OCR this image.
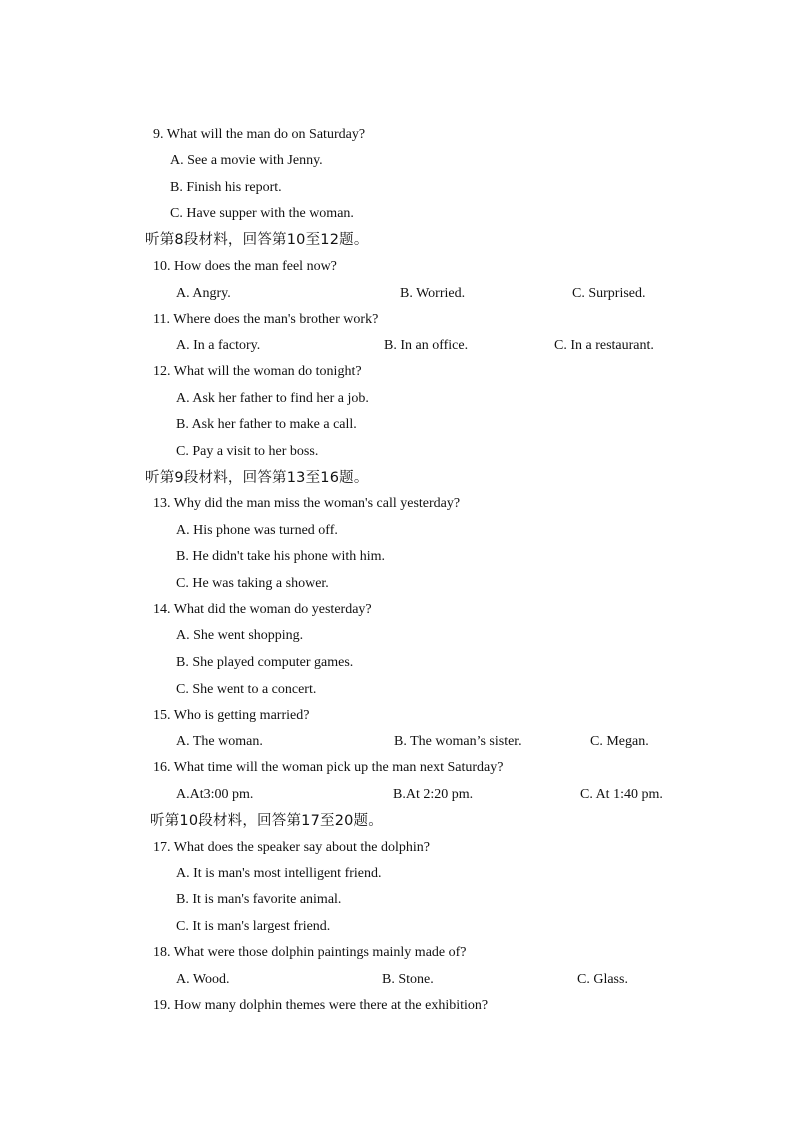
9. What will the man do on Saturday?
A. See a movie with Jenny.
B. Finish his report.
C. Have supper with the woman.
听第8段材料，回答第10至12题。
10. How does the man feel now?
A. Angry.	B. Worried.	C. Surprised.
11. Where does the man's brother work?
A. In a factory.	B. In an office.	C. In a restaurant.
12. What will the woman do tonight?
A. Ask her father to find her a job.
B. Ask her father to make a call.
C. Pay a visit to her boss.
听第9段材料，回答第13至16题。
13. Why did the man miss the woman's call yesterday?
A. His phone was turned off.
B. He didn't take his phone with him.
C. He was taking a shower.
14. What did the woman do yesterday?
A. She went shopping.
B. She played computer games.
C. She went to a concert.
15. Who is getting married?
A. The woman.	B. The woman’s sister.	C. Megan.
16. What time will the woman pick up the man next Saturday?
A.At3:00 pm.	B.At 2:20 pm.	C. At 1:40 pm.
听第10段材料，回答第17至20题。
17. What does the speaker say about the dolphin?
A. It is man's most intelligent friend.
B. It is man's favorite animal.
C. It is man's largest friend.
18. What were those dolphin paintings mainly made of?
A. Wood.	B. Stone.	C. Glass.
19. How many dolphin themes were there at the exhibition?
